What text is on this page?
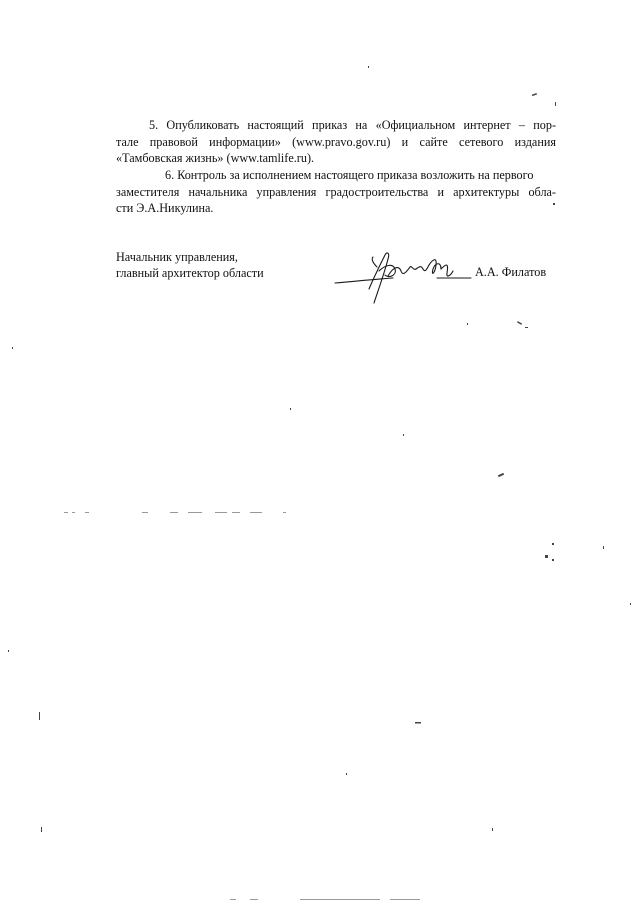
5. Опубликовать настоящий приказ на «Официальном интернет – пор-
тале правовой информации» (www.pravo.gov.ru) и сайте сетевого издания
«Тамбовская жизнь» (www.tamlife.ru).
6. Контроль за исполнением настоящего приказа возложить на первого
заместителя начальника управления градостроительства и архитектуры обла-
сти Э.А.Никулина.
Начальник управления,
главный архитектор области	А.А. Филатов
